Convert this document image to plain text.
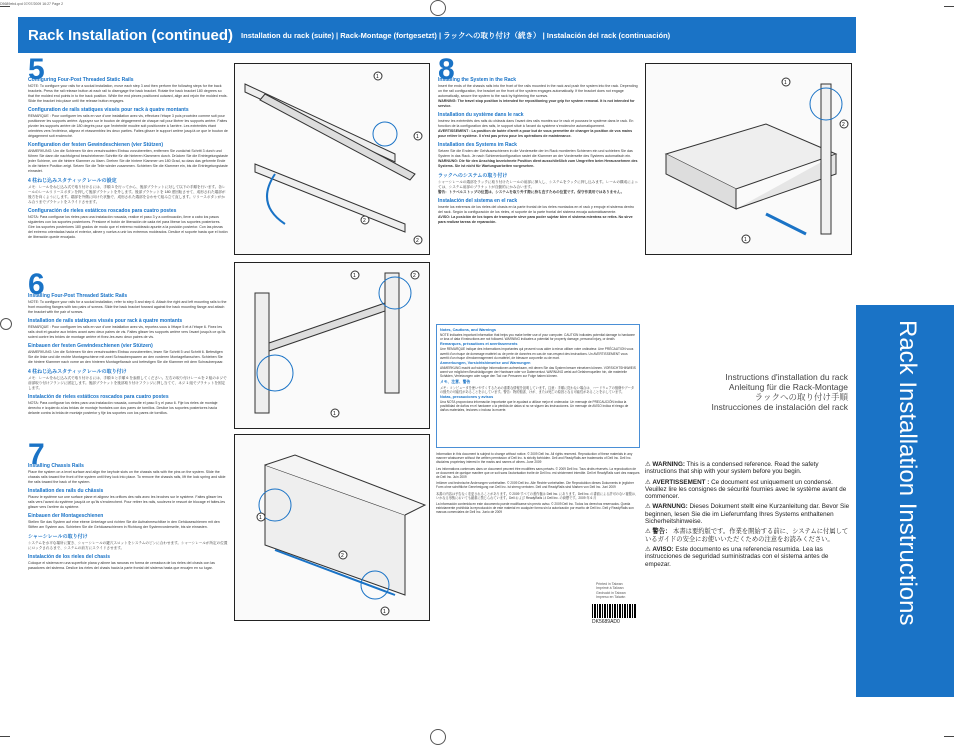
D5689ebd.qxd 07/07/2009 16:27 Page 2
Rack Installation (continued) Installation du rack (suite) | Rack-Montage (fortgesetzt) | ラックへの取り付け（続き） | Instalación del rack (continuación)
5
Configuring Four-Post Threaded Static Rails

NOTE: To configure your rails for a sockal installation, move each step 3 and then perform the following steps for the back brackets. Press the rail release button at each rail to disengage the back bracket. Rotate the back bracket 180 degrees so that the molded end points in to the back position. While the end pieces positioned outward, align and rejoin the molded ends. Slide the bracket into place until the release button engages.

Configuration de rails statiques vissés pour rack à quatre montants

REMARQUE : Pour configurer les rails en vue d'une installation avec vis, effectuez l'étape 3 puis procédez comme suit pour positionner les supports arrière. Appuyez sur le bouton de dégagement de chaque rail pour libérer les supports arrière. Faites pivoter les supports arrière de 180 degrés pour que l'extrémité moulée soit positionnée à l'arrière. Les extrémités étant orientées vers l'extérieur, alignez et réassemblez les deux parties. Faites glisser le support arrière jusqu'à ce que le bouton de dégagement soit enclenché.

Konfiguration der festen Gewindeschienen (vier Stützen)

ANMERKUNG: Um die Schienen für den verschraubten Einbau vorzubereiten, entfernen Sie zunächst Schritt 3 durch und führen Sie dann die nachfolgend beschriebenen Schritte für die hinteren Klammern durch. Drücken Sie die Entriegelungstaste jeder Schiene, um die hintere Klammer zu lösen. Drehen Sie die hintere Klammer um 180 Grad, so dass das geformte Ende in die hintere Position zeigt. Setzen Sie die Teile wieder zusammen. Schieben Sie die Klammer ein, bis die Entriegelungstaste einrastet.

4 柱ねじ込みスタティックレールの設定

メモ：レールをねじ込み式で取り付けるには、手順 3 を行ってから、後部ブラケットに対して以下の手順を行います。各レールのレールリリースボタンを押して後部ブラケットを外します。後部ブラケットを 180 度回転させて、成形された端部が後方を向くようにします。端部を外側に向けた状態で、成形された端部を合わせて組み立て直します。リリースボタンがかみ合うまでブラケットをスライドさせます。

Configuración de rieles estáticos roscados para cuatro postes

NOTA: Para configurar los rieles para una instalación roscada, realice el paso 3 y a continuación, lleve a cabo los pasos siguientes con los soportes posteriores. Presione el botón de liberación de cada riel para liberar los soportes posteriores. Gire los soportes posteriores 180 grados de modo que el extremo moldeado apunte a la posición posterior. Con las piezas del extremo orientadas hacia el exterior, alinee y vuelva a unir los extremos moldeados. Deslice el soporte hasta que el botón de liberación quede encajado.

1
1
2
2
6
Installing Four-Post Threaded Static Rails

NOTE: To configure your rails for a sockal installation, refer to step 5 and step 6. Attach the right and left mounting rails to the front mounting flanges with two pairs of screws. Slide the back bracket forward against the back mounting flange and attach the bracket with the pair of screws.

Installation de rails statiques vissés pour rack à quatre montants

REMARQUE : Pour configurer les rails en vue d'une installation avec vis, reportez-vous à l'étape 5 et à l'étape 6. Fixez les rails droit et gauche aux brides avant avec deux paires de vis. Faites glisser les supports arrière vers l'avant jusqu'à ce qu'ils soient contre les brides de montage arrière et fixez-les avec deux paires de vis.

Einbauen der festen Gewindeschienen (vier Stützen)

ANMERKUNG: Um die Schienen für den verschraubten Einbau vorzubereiten, lesen Sie Schritt 5 und Schritt 6. Befestigen Sie die linke und die rechte Montageschiene mit zwei Schraubenpaaren an den vorderen Montageflanschen. Schieben Sie die hintere Klammer nach vorne an den hinteren Montageflansch und befestigen Sie die Klammer mit dem Schraubenpaar.

4 柱ねじ込みスタティックレールの取り付け

メモ：レールをねじ込み式で取り付けるには、手順 5 と手順 6 を参照してください。左右の取り付けレールを 2 組のネジで前部取り付けフランジに固定します。後部ブラケットを後部取り付けフランジに押し当てて、ネジ 1 組でブラケットを固定します。

Instalación de rieles estáticos roscados para cuatro postes

NOTA: Para configurar los rieles para una instalación roscada, consulte el paso 5 y el paso 6. Fije los rieles de montaje derecho e izquierdo a las bridas de montaje frontales con dos pares de tornillos. Deslice los soportes posteriores hacia delante contra la brida de montaje posterior y fije los soportes con los pares de tornillos.

1	2
1
7
Installing Chassis Rails

Place the system on a level surface and align the keyhole slots on the chassis rails with the pins on the system. Slide the chassis rails toward the front of the system until they lock into place. To remove the chassis rails, lift the lock spring and slide the rails toward the back of the system.

Installation des rails du châssis

Placez le système sur une surface plane et alignez les orifices des rails avec les broches sur le système. Faites glisser les rails vers l'avant du système jusqu'à ce qu'ils s'enclenchent. Pour retirer les rails, soulevez le ressort de blocage et faites-les glisser vers l'arrière du système.

Einbauen der Montageschienen

Stellen Sie das System auf eine ebene Unterlage und richten Sie die Aufnahmeschlitze in den Gehäuseschienen mit den Stiften am System aus. Schieben Sie die Gehäuseschienen in Richtung der Systemvorderseite, bis sie einrasten.

シャーシレールの取り付け

システムを水平な場所に置き、シャーシレールの鍵穴スロットをシステムのピンに合わせます。シャーシレールが所定の位置にロックされるまで、システムの前方にスライドさせます。

Instalación de los rieles del chasis

Coloque el sistema en una superficie plana y alinee las ranuras en forma de cerradura de los rieles del chasis con las pasadores del sistema. Deslice los rieles del chasis hacia la parte frontal del sistema hasta que encajen en su lugar.

1
2
1
8
Installing the System in the Rack

Insert the ends of the chassis rails into the front of the rails mounted in the rack and push the system into the rack. Depending on the rail configuration, the bracket on the front of the system engages automatically. If the bracket does not engage automatically, secure the system to the rack by tightening the screws.

WARNING: The travel stop position is intended for repositioning your grip for system removal. It is not intended for service.

Installation du système dans le rack

Insérez les extrémités des rails du châssis dans l'avant des rails montés sur le rack et poussez le système dans le rack. En fonction de la configuration des rails, le support situé à l'avant du système s'enclenche automatiquement.

AVERTISSEMENT : La position de butée d'arrêt a pour but de vous permettre de changer la position de vos mains pour retirer le système. Il n'est pas prévu pour les opérations de maintenance.

Installation des Systems im Rack

Setzen Sie die Enden der Gehäuseschienen in die Vorderseite der im Rack montierten Schienen ein und schieben Sie das System in das Rack. Je nach Schienenkonfiguration rastet die Klammer an der Vorderseite des Systems automatisch ein.

WARNUNG: Die für den Anschlag bezeichnete Position dient ausschließlich zum Umgreifen beim Herausnehmen des Systems. Sie ist nicht für Wartungsarbeiten vorgesehen.

ラックへのシステムの取り付け

シャーシレールの端部をラックに取り付けたレールの前部に挿入し、システムをラックに押し込みます。レールの構成によっては、システム前部のブラケットが自動的にかみ合います。

警告：トラベルストップの位置は、システムを取り外す際に持ち直すための位置です。保守作業用ではありません。

Instalación del sistema en el rack

Inserte los extremos de los rieles del chasis en la parte frontal de los rieles montados en el rack y empuje el sistema dentro del rack. Según la configuración de los rieles, el soporte de la parte frontal del sistema encaja automáticamente.

AVISO: La posición de los topes de transporte sirve para poder sujetar bien el sistema mientras se retira. No sirve para realizar tareas de reparación.

1
2
1
Notes, Cautions, and Warnings

NOTE indicates important information that helps you make better use of your computer. CAUTION indicates potential damage to hardware or loss of data if instructions are not followed. WARNING indicates a potential for property damage, personal injury, or death.

Remarques, précautions et avertissements

Une REMARQUE indique des informations importantes qui peuvent vous aider à mieux utiliser votre ordinateur. Une PRÉCAUTION vous avertit d'un risque de dommage matériel ou de perte de données en cas de non-respect des instructions. Un AVERTISSEMENT vous avertit d'un risque d'endommagement du matériel, de blessure corporelle ou de mort.

Anmerkungen, Vorsichtshinweise und Warnungen

ANMERKUNG macht auf wichtige Informationen aufmerksam, mit denen Sie das System besser einsetzen können. VORSICHTSHINWEIS warnt vor möglichen Beschädigungen der Hardware oder vor Datenverlust. WARNUNG weist auf Gefahrenquellen hin, die materielle Schäden, Verletzungen oder sogar den Tod von Personen zur Folge haben können.

メモ、注意、警告

メモ：コンピュータを使いやすくするための重要な情報を説明しています。注意：手順に従わない場合は、ハードウェアの損傷やデータの損失の可能性があることを示しています。警告：物的損害、けが、または死亡の原因となる可能性があることを示しています。

Notas, precauciones y avisos

Una NOTA proporciona información importante que le ayudará a utilizar mejor el ordenador. Un mensaje de PRECAUCIÓN indica la posibilidad de daños en el hardware o la pérdida de datos si no se siguen las instrucciones. Un mensaje de AVISO indica el riesgo de daños materiales, lesiones o incluso la muerte.

Information in this document is subject to change without notice. © 2009 Dell Inc. All rights reserved. Reproduction of these materials in any manner whatsoever without the written permission of Dell Inc. is strictly forbidden. Dell and ReadyRails are trademarks of Dell Inc. Dell Inc. disclaims proprietary interest in the marks and names of others. June 2009

Les informations contenues dans ce document peuvent être modifiées sans préavis. © 2009 Dell Inc. Tous droits réservés. La reproduction de ce document de quelque manière que ce soit sans l'autorisation écrite de Dell Inc. est strictement interdite. Dell et ReadyRails sont des marques de Dell Inc. Juin 2009

Irrtümer und technische Änderungen vorbehalten. © 2009 Dell Inc. Alle Rechte vorbehalten. Die Reproduktion dieses Dokuments in jeglicher Form ohne schriftliche Genehmigung von Dell Inc. ist streng verboten. Dell und ReadyRails sind Marken von Dell Inc. Juni 2009

本書の内容は予告なく変更されることがあります。© 2009 すべての著作権は Dell Inc. にあります。Dell Inc. の書面による許可のない複製は、いかなる形態においても厳重に禁じられています。Dell および ReadyRails は Dell Inc. の商標です。2009 年 6 月

La información contenida en este documento puede modificarse sin previo aviso. © 2009 Dell Inc. Todos los derechos reservados. Queda estrictamente prohibida la reproducción de este material en cualquier forma sin la autorización por escrito de Dell Inc. Dell y ReadyRails son marcas comerciales de Dell Inc. Junio de 2009

Printed in Taiwan
Imprimé à Taïwan
Gedruckt in Taiwan
Impreso en Taiwán
DK5689AD0	Rack Installation Instructions
Instructions d'installation du rack
Anleitung für die Rack-Montage
ラックへの取り付け手順
Instrucciones de instalación del rack

⚠ WARNING: This is a condensed reference. Read the safety instructions that ship with your system before you begin.

⚠ AVERTISSEMENT : Ce document est uniquement un condensé. Veuillez lire les consignes de sécurité fournies avec le système avant de commencer.

⚠ WARNUNG: Dieses Dokument stellt eine Kurzanleitung dar. Bevor Sie beginnen, lesen Sie die im Lieferumfang Ihres Systems enthaltenen Sicherheitshinweise.

⚠ 警告： 本書は要約版です。作業を開始する前に、システムに付属しているガイドの安全にお使いいただくための注意をお読みください。

⚠ AVISO: Este documento es una referencia resumida. Lea las instrucciones de seguridad suministradas con el sistema antes de empezar.
